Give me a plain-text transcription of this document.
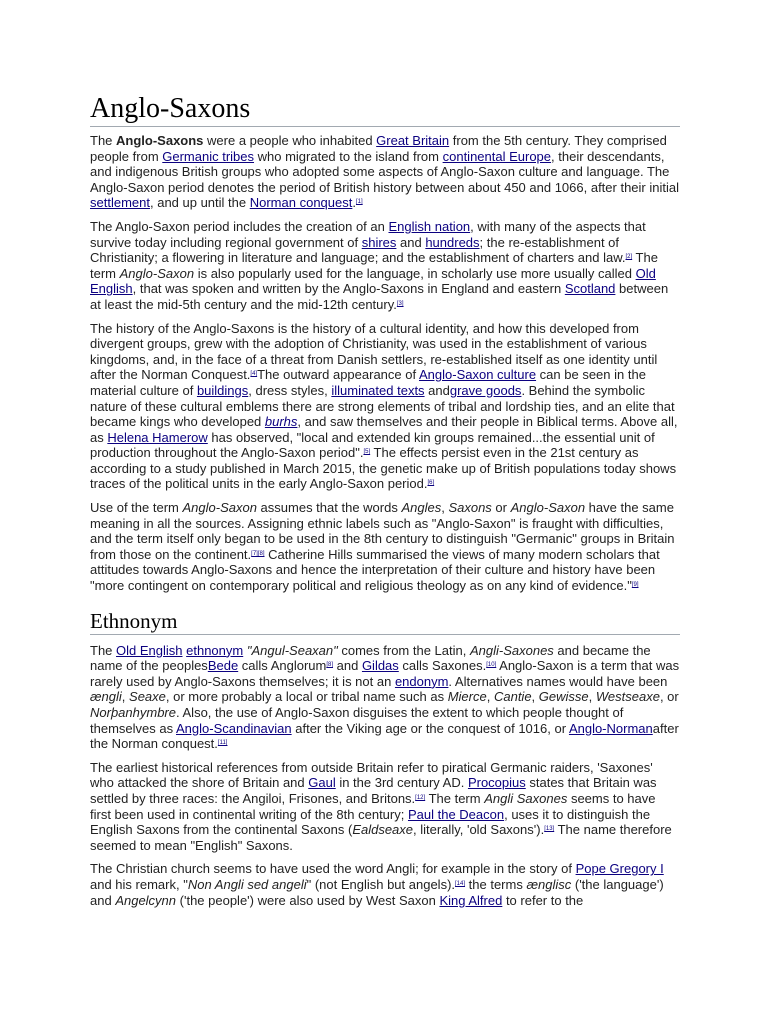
Anglo-Saxons

The Anglo-Saxons were a people who inhabited Great Britain from the 5th century. They comprised people from Germanic tribes who migrated to the island from continental Europe, their descendants, and indigenous British groups who adopted some aspects of Anglo-Saxon culture and language. The Anglo-Saxon period denotes the period of British history between about 450 and 1066, after their initial settlement, and up until the Norman conquest.[1]

The Anglo-Saxon period includes the creation of an English nation, with many of the aspects that survive today including regional government of shires and hundreds; the re-establishment of Christianity; a flowering in literature and language; and the establishment of charters and law.[2] The term Anglo-Saxon is also popularly used for the language, in scholarly use more usually called Old English, that was spoken and written by the Anglo-Saxons in England and eastern Scotland between at least the mid-5th century and the mid-12th century.[3]

The history of the Anglo-Saxons is the history of a cultural identity, and how this developed from divergent groups, grew with the adoption of Christianity, was used in the establishment of various kingdoms, and, in the face of a threat from Danish settlers, re-established itself as one identity until after the Norman Conquest.[4]The outward appearance of Anglo-Saxon culture can be seen in the material culture of buildings, dress styles, illuminated texts andgrave goods. Behind the symbolic nature of these cultural emblems there are strong elements of tribal and lordship ties, and an elite that became kings who developed burhs, and saw themselves and their people in Biblical terms. Above all, as Helena Hamerow has observed, "local and extended kin groups remained...the essential unit of production throughout the Anglo-Saxon period".[5] The effects persist even in the 21st century as according to a study published in March 2015, the genetic make up of British populations today shows traces of the political units in the early Anglo-Saxon period.[6]

Use of the term Anglo-Saxon assumes that the words Angles, Saxons or Anglo-Saxon have the same meaning in all the sources. Assigning ethnic labels such as "Anglo-Saxon" is fraught with difficulties, and the term itself only began to be used in the 8th century to distinguish "Germanic" groups in Britain from those on the continent.[7][8] Catherine Hills summarised the views of many modern scholars that attitudes towards Anglo-Saxons and hence the interpretation of their culture and history have been "more contingent on contemporary political and religious theology as on any kind of evidence."[9]

Ethnonym

The Old English ethnonym "Angul-Seaxan" comes from the Latin, Angli-Saxones and became the name of the peoplesBede calls Anglorum[8] and Gildas calls Saxones.[10] Anglo-Saxon is a term that was rarely used by Anglo-Saxons themselves; it is not an endonym. Alternatives names would have been ængli, Seaxe, or more probably a local or tribal name such as Mierce, Cantie, Gewisse, Westseaxe, or Norþanhymbre. Also, the use of Anglo-Saxon disguises the extent to which people thought of themselves as Anglo-Scandinavian after the Viking age or the conquest of 1016, or Anglo-Normanafter the Norman conquest.[11]

The earliest historical references from outside Britain refer to piratical Germanic raiders, 'Saxones' who attacked the shore of Britain and Gaul in the 3rd century AD. Procopius states that Britain was settled by three races: the Angiloi, Frisones, and Britons.[12] The term Angli Saxones seems to have first been used in continental writing of the 8th century; Paul the Deacon, uses it to distinguish the English Saxons from the continental Saxons (Ealdseaxe, literally, 'old Saxons').[13] The name therefore seemed to mean "English" Saxons.

The Christian church seems to have used the word Angli; for example in the story of Pope Gregory I and his remark, "Non Angli sed angeli" (not English but angels).[14] the terms ænglisc ('the language') and Angelcynn ('the people') were also used by West Saxon King Alfred to refer to the
